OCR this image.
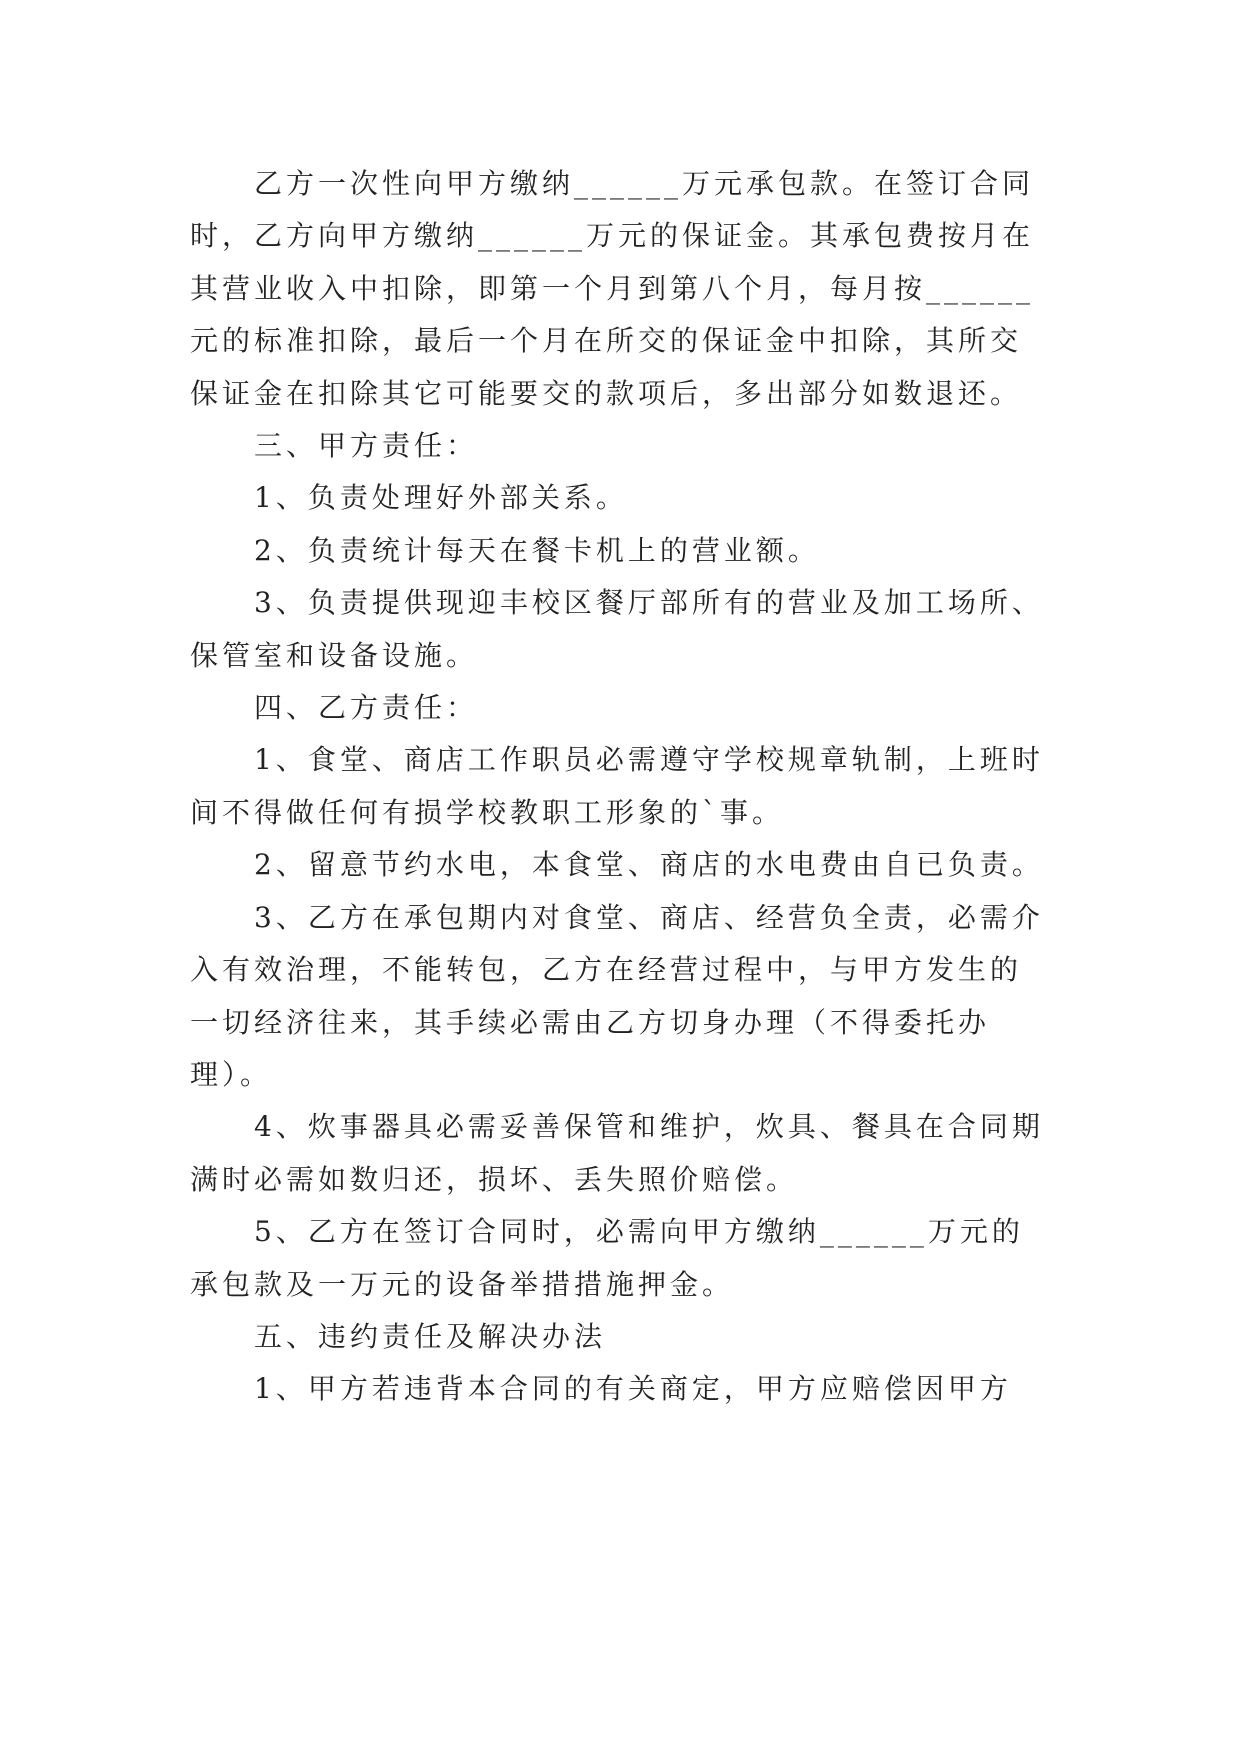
乙方一次性向甲方缴纳______万元承包款。在签订合同时，乙方向甲方缴纳______万元的保证金。其承包费按月在其营业收入中扣除，即第一个月到第八个月，每月按______元的标准扣除，最后一个月在所交的保证金中扣除，其所交保证金在扣除其它可能要交的款项后，多出部分如数退还。

三、甲方责任：

1、负责处理好外部关系。

2、负责统计每天在餐卡机上的营业额。

3、负责提供现迎丰校区餐厅部所有的营业及加工场所、保管室和设备设施。

四、乙方责任：

1、食堂、商店工作职员必需遵守学校规章轨制，上班时间不得做任何有损学校教职工形象的`事。

2、留意节约水电，本食堂、商店的水电费由自已负责。

3、乙方在承包期内对食堂、商店、经营负全责，必需介入有效治理，不能转包，乙方在经营过程中，与甲方发生的一切经济往来，其手续必需由乙方切身办理（不得委托办理）。

4、炊事器具必需妥善保管和维护，炊具、餐具在合同期满时必需如数归还，损坏、丢失照价赔偿。

5、乙方在签订合同时，必需向甲方缴纳______万元的承包款及一万元的设备举措措施押金。

五、违约责任及解决办法

1、甲方若违背本合同的有关商定，甲方应赔偿因甲方
